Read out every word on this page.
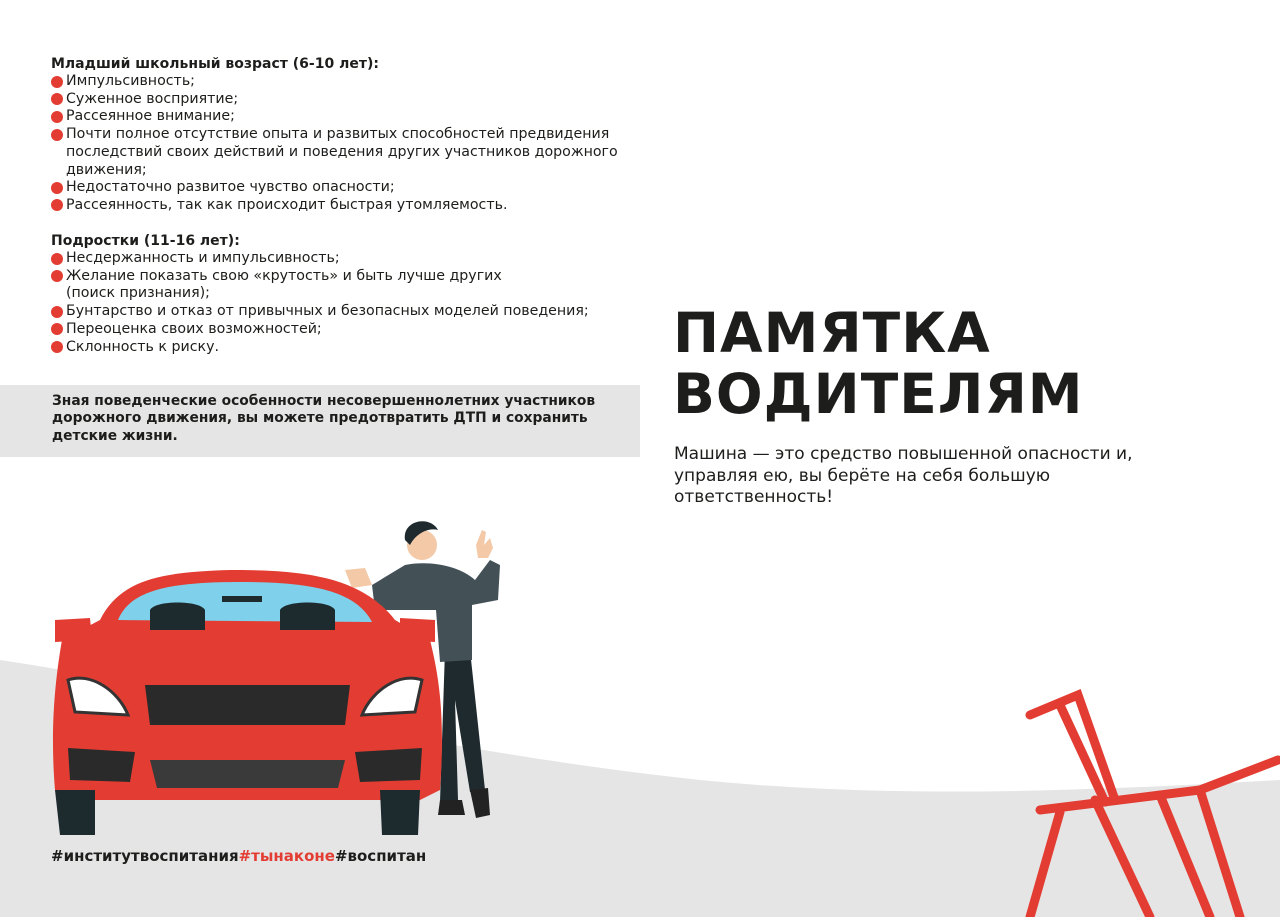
Младший школьный возраст (6-10 лет):

Импульсивность;
Суженное восприятие;
Рассеянное внимание;
Почти полное отсутствие опыта и развитых способностей предвидения последствий своих действий и поведения других участников дорожного движения;
Недостаточно развитое чувство опасности;
Рассеянность, так как происходит быстрая утомляемость.

Подростки (11-16 лет):

Несдержанность и импульсивность;
Желание показать свою «крутость» и быть лучше других (поиск признания);
Бунтарство и отказ от привычных и безопасных моделей поведения;
Переоценка своих возможностей;
Склонность к риску.
Зная поведенческие особенности несовершеннолетних участников дорожного движения, вы можете предотвратить ДТП и сохранить детские жизни.
ПАМЯТКА
ВОДИТЕЛЯМ
Машина — это средство повышенной опасности и, управляя ею, вы берёте на себя большую ответственность!
#институтвоспитания#тынаконе#воспитан
